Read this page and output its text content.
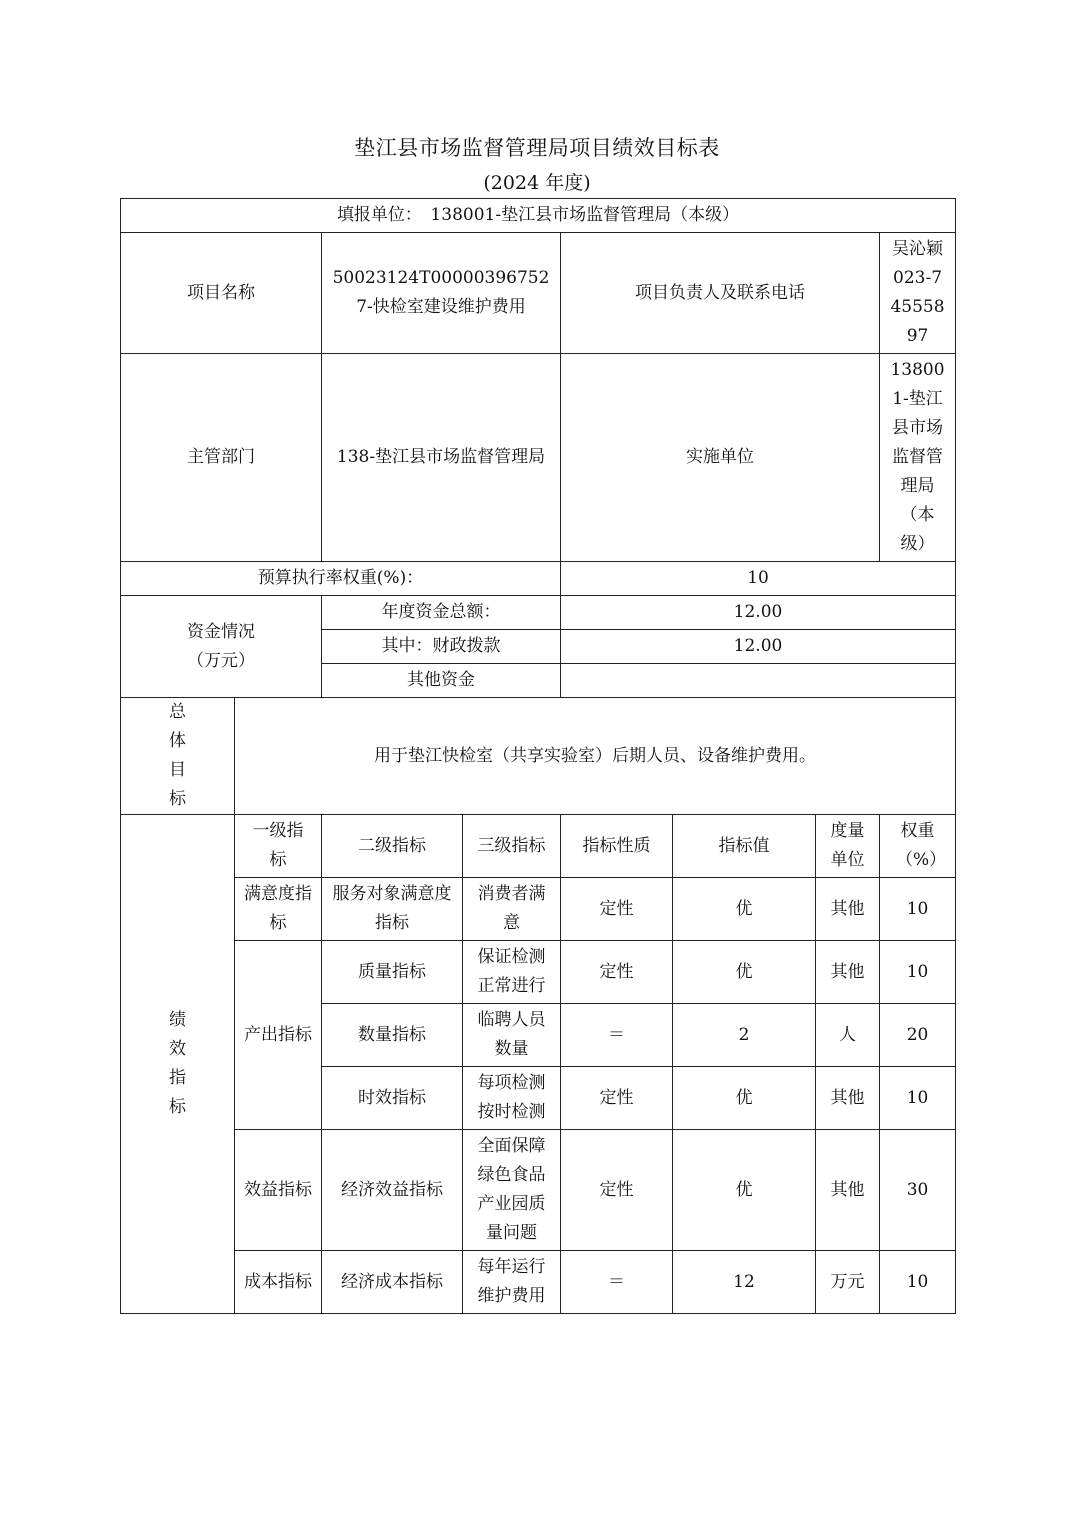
垫江县市场监督管理局项目绩效目标表
(2024 年度)
填报单位：　138001-垫江县市场监督管理局（本级）							
项目名称		50023124T000003967527-快检室建设维护费用		项目负责人及联系电话			吴沁颖 023-74555897
主管部门		138-垫江县市场监督管理局		实施单位			138001-垫江县市场监督管理局（本级）
预算执行率权重(%)：				10			
资金情况（万元）		年度资金总额：		12.00			
		其中：财政拨款		12.00			
		其他资金					
总体目标	用于垫江快检室（共享实验室）后期人员、设备维护费用。						
绩效指标	一级指标	二级指标	三级指标	指标性质	指标值	度量单位	权重（%）
	满意度指标	服务对象满意度指标	消费者满意	定性	优	其他	10
	产出指标	质量指标	保证检测正常进行	定性	优	其他	10
		数量指标	临聘人员数量	＝	2	人	20
		时效指标	每项检测按时检测	定性	优	其他	10
	效益指标	经济效益指标	全面保障绿色食品产业园质量问题	定性	优	其他	30
	成本指标	经济成本指标	每年运行维护费用	＝	12	万元	10
